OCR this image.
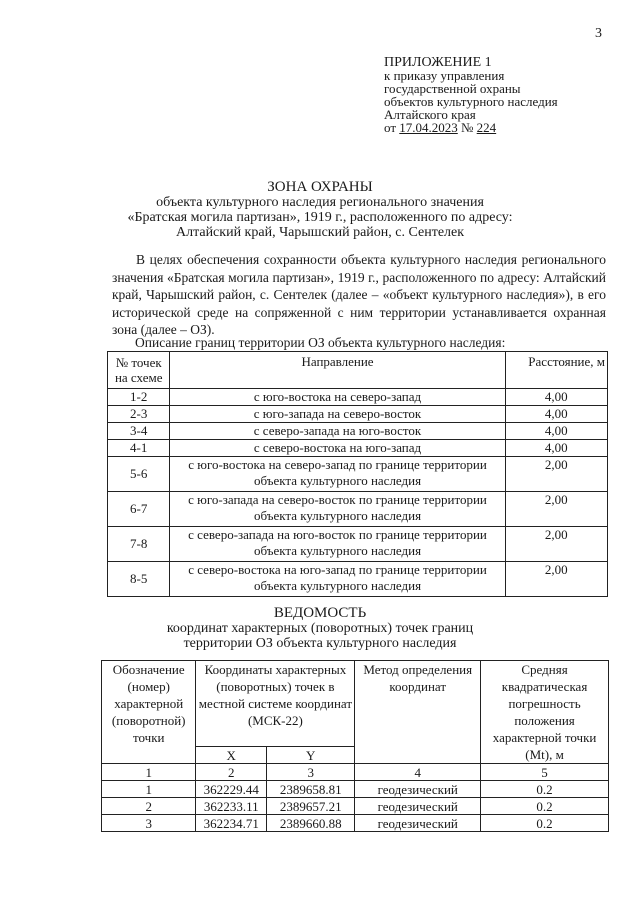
3
ПРИЛОЖЕНИЕ 1
к приказу управления
государственной охраны
объектов культурного наследия
Алтайского края
от 17.04.2023 № 224
ЗОНА ОХРАНЫ
объекта культурного наследия регионального значения
«Братская могила партизан», 1919 г., расположенного по адресу:
Алтайский край, Чарышский район, с. Сентелек

В целях обеспечения сохранности объекта культурного наследия регионального значения «Братская могила партизан», 1919 г., расположенного по адресу: Алтайский край, Чарышский район, с. Сентелек (далее – «объект культурного наследия»), в его исторической среде на сопряженной с ним территории устанавливается охранная зона (далее – ОЗ).

Описание границ территории ОЗ объекта культурного наследия:
№ точек на схеме	Направление	Расстояние, м
1-2	с юго-востока на северо-запад	4,00
2-3	с юго-запада на северо-восток	4,00
3-4	с северо-запада на юго-восток	4,00
4-1	с северо-востока на юго-запад	4,00
5-6	с юго-востока на северо-запад по границе территории объекта культурного наследия	2,00
6-7	с юго-запада на северо-восток по границе территории объекта культурного наследия	2,00
7-8	с северо-запада на юго-восток по границе территории объекта культурного наследия	2,00
8-5	с северо-востока на юго-запад по границе территории объекта культурного наследия	2,00
ВЕДОМОСТЬ
координат характерных (поворотных) точек границ
территории ОЗ объекта культурного наследия
Обозначение (номер) характерной (поворотной) точки	Координаты характерных (поворотных) точек в местной системе координат (МСК-22)		Метод определения координат	Средняя квадратическая погрешность положения характерной точки (Mt), м
	X	Y		
1	2	3	4	5
1	362229.44	2389658.81	геодезический	0.2
2	362233.11	2389657.21	геодезический	0.2
3	362234.71	2389660.88	геодезический	0.2
